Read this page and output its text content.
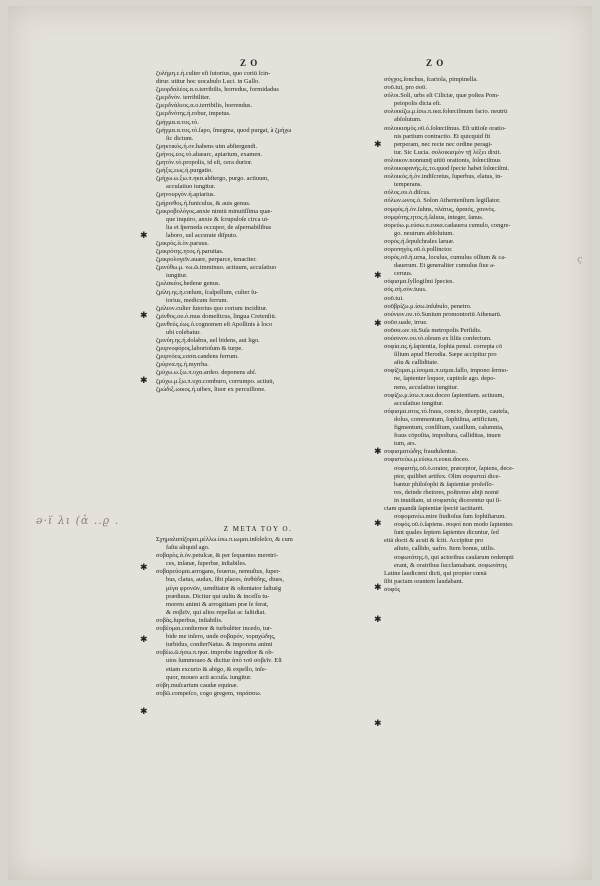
Z O	Z O
ζυλήμη.ε.ή.culter eſt ſutorius, quo coriū ſcin-
dirur. utitur hoc uocabulo Luci. in Gallo.
ζμιορδαλέος.α.ο.terribilis, horredus, formidadus
ζμερδνὸν. terribiliter.
ζμερδνάλεος.α.ο.terribilis, horrendus.
ζμερδνότης.ή.robur, impetus.
ζμήγμα.α.τος.τὸ.
ζμήγμα.α.τος.τὸ.ſapo, ſmegma, quod purgat, à ζμήχω
ſic dictum.
ζμηκτικός.ή.ον.habens uim abſtergendi.
ζμήνος.εος.τὸ.aluearc, apiarium, examen.
ζμητὸν.τὸ.propolis, id eſt, cera durior.
ζμήξις.εως.ή.purgatio.
ζμήχω.ω.ξω.π.ηκα.abſtergo, purgo. actiuum,
accuſatiuo iungitur.
ζμηνουργὸν.ή.apiarius.
ζμήρινθος.ή.funiculus, & auis genus.
ζμικροβολόγος.anxie nimiū minutiſſima quæ-
que inquiro, anxie & ſcrupuloſe circa ui-
lia et ſperneda occupor, de aſpernabilibus
laboro, uel accurate diſputo.
ζμικρὸς.ὰ.ὸν.paruus.
ζμικρότης.ητος.ή.paruitas.
ζμικρολογεῖν.auare, perparce, tenaciter.
ζμινύθω.μ. νω.ῶ.imminuo. actiuum, accuſatiuo
iungitur.
ζμιλακέος.hederæ genus.
ζμίλη.ης.ή.cœlum, ſcalpellum, culter ſu-
torius, medicum ferrum.
ζμίλιον.culter ſutorius quo corium inciditur.
ζμίνθος.ου.ό.mus domeſticus, lingua Cretenſiū.
ζμινθεύς.έως.ό.cognomen eſt Apollinis à loco
ubi colebatur.
ζμινύη.ης.ή.dolabra, uel bidens, aut ligo.
ζμυρνοφόρος.laborioſum & turpe.
ζμυρνόεις.εσσα.candens ferrum.
ζμύρνα.ης.ή.myrrha.
ζμύχω.ω.ξω.π.υχα.ardeo. deponens abſ.
ζμύχω.μ.ξω.π.υχα.comburo, corrumpo. actiuū,
ζμώδιξ.ωικος.ή.uibex, liuor ex percuſſione.
Z META TOY O.
Σχημαλαπίζομαι.μέλλω.ίσω.π.ιωμαι.inſoleſco, & cum
faſtu aliquid ago.
σοβαρὸς.ὰ.ὸν.petulcæ, & per ſequentes meretri-
ces, inſanæ, ſuperbæ, inſtabiles.
σοβαρεύομαι.arrogans, feuerus, nemuſtus, ſuper-
bus, clatus, audax, ſibi places, ἀυθάδης, diues,
μέγα φρονῶν, uenditator & oſtentator faſtuēg
prædiuus. Dicitur qui uultu & inceſſu tu-
morem animi & arrogātiam præ ſe ferat,
& σοβεῖν, qui alios repellat ac faſtidiat.
σοβὰς.ſuperbus, inſtabilis.
σοβέομαι.conſternor & turbulēter incedo, tur-
bide me inſero, unde σοβαρόν, τοραχώδης,
turbidus, conſterNatus. & imporens animi
σοβέω.ῶ.ήσω.π.ηκα. improbe ingredior & ob-
uios ſummoueo & dicitur ἀπὸ τοῦ σοβεῖν. Eſt
etiam excurio & abigo, & expello, inſe-
quor, moueo acti accuſa. iungitur.
σόβη.muſcarium caudæ equinæ.
σοβῶ.compeſco, cogo gregem, ταράσσω.
σόγχος.ſonchus, ſcariola, pimpinella.
σοῦ.tui, pro σοῦ.
σόλοι.Soli, urbs eſt Ciliciæ, quæ poſtea Pom-
peiopolis dicta eſt.
σολοικίζω.μ.ίσω.π.ικα.ſolœciſmum facio. neutrū
abſolutum.
σολοικισμὸς.οῦ.ό.ſolœciſmus. Eſt uitioſe oratio-
nis partium contractio. Et quicquid fit
perperam, nec recte nec ordine peragi-
tur. Sic Lucia. σολοικισμὸν τῇ λέξει dixit.
σολοικον.nonnunq̄ uitiū orationis, ſolœciſmus
σολοικοφανής.ἐς.το.quod ſpecie habet ſolœciſmi.
σολοικὸς.ή.ὸν.indiſcretus, ſuperbus, elatus, in-
temperans.
σόλος.ου.ὸ.diſcus.
σόλων.ωνος.ὸ. Solon Athenienſium legiſlator.
σομφὸς.ή.ὸν.ſuhns, πλάτυς, ἀραιός, χαυνὸς.
σομφότης.ητος.ή.ſaluus, integer, ſanus.
σορεύω.μ.εύσω.π.ευκα.cadauera cumulo, congre-
go. neutrum abſolutum.
σορὸς.ή.ſepulchrales laruæ.
σοροπηγὸς.οῦ.ὸ.pollinctor.
σορὸς.οῦ.ή.urna, loculus, cumulus oſſium & ca-
dauerum. Et generaliter cumulus ſiue a-
ceruus.
σόφισμα.ſyllogiſmi ſpecies.
σός.σὴ.σὸν.tuus.
σοῦ.tui.
σοῦβρίζω.μ.ίσω.inſubulo, penetro.
σούνιον.ου.τὸ.Sunium promontoriū Athenarū.
σοῦσ.uade, irrue.
σοῦσα.ων.τὰ.Suſa metropolis Perſidis.
σούσινον.ου.τὸ.oleum ex liliis confectum.
σοφία.ας.ή.ſapientia, ſophia penul. correpta cō
ſilium apud Herodia. Sæpe accipitur pro
aſtu & calliditate.
σοφίζομαι.μ.ίσομαι.π.ισμαι.fallo, impono ſermo-
ne, ſapienter loquor, captioſe ago. depo-
nens, accuſatiuo iungitur.
σοφίζω.μ.ίσω.π.ικα.doceo ſapientiam. actiuum,
accuſatiuo iungitur.
σόφισμα.ατος.τὸ.fraus, concio, deceptio, cautela,
dolus, commentum, ſophiſma, artificium,
figmentum, conſilium, cauillum, calumnia,
fraus cōpoſita, impoſtura, calliditas, inuen
tum, ars.
σοφισματώδης fraudulentus.
σοφιστεύω.μ.εύσω.π.ευκα.doceo.
σοφιστὴς.οῦ.ὸ.orator, præceptor, ſapiens, dece-
ptor, quilibet artifex. Olim σοφισταὶ dice-
bantur philoſophi & ſapientiæ profeſſo-
res, deinde rhetores, poſtremo abijt nomē
in inuidiam, ut σοφιστὰς dicerentur qui ſi-
ctam quandā ſapientiæ ſpeciē iactitarēt.
σοφομανέω.mire ſtudioſus ſum ſophiſtarum.
σοφὸς.οῦ.ὸ.ſapiens. σοφοὶ non modo ſapientes
ſunt quales ſeptem ſapientes dicuntur, ſed
etiā docti & acuti & ſciti. Accipitur pro
aſtuto, callido, uafro. Item bonus, utilis.
σοφωτάτης.ō, qui actoribus cauſarum redempti
erant, & oratribus ſucclamabant. σοφωτάτης
Latine laudicœni dicti, qui propter cœnā
ſibi pactam orantem laudabant.
σοφός
✱
✱
✱
✱
✱
✱
✱
✱
✱
✱
✱
✱
✱
✱
ǝ·ϊ λι (ἁ ..ϱ .
ς
